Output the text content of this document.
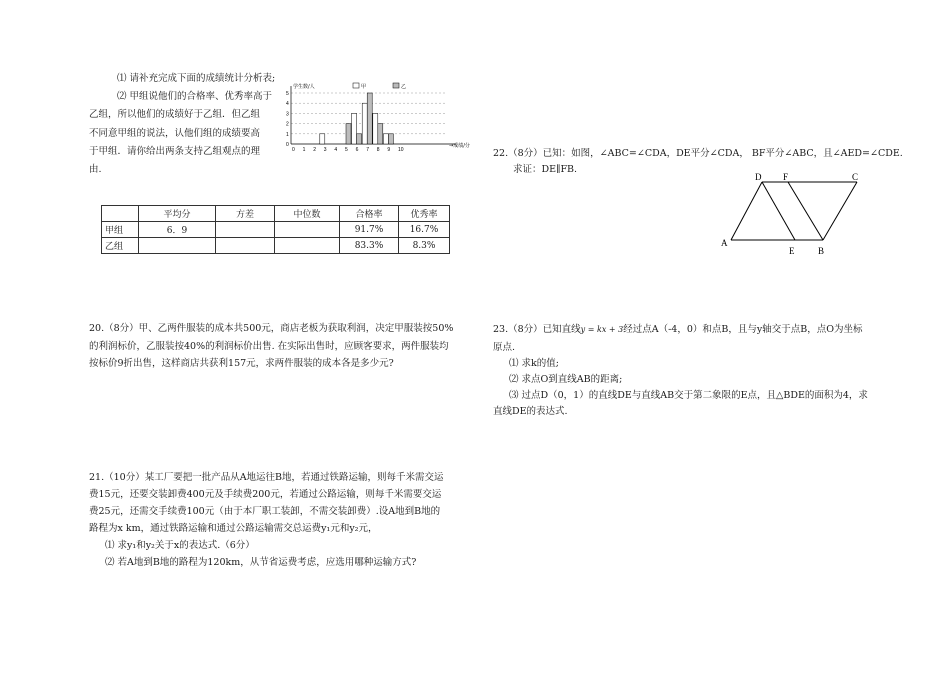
⑴ 请补充完成下面的成绩统计分析表;
⑵ 甲组说他们的合格率、优秀率高于
乙组，所以他们的成绩好于乙组．但乙组
不同意甲组的说法，认他们组的成绩要高
于甲组．请你给出两条支持乙组观点的理
由.
0
1
2
3
4
5
0 1 2 3 4 5 6 7 8 9 10
学生数/人
→成绩/分
甲	乙
	平均分	方差	中位数	合格率	优秀率
甲组	6．9			91.7%	16.7%
乙组				83.3%	8.3%
20.（8分）甲、乙两件服装的成本共500元，商店老板为获取利润，决定甲服装按50%
的利润标价，乙服装按40%的利润标价出售. 在实际出售时，应顾客要求，两件服装均
按标价9折出售，这样商店共获利157元，求两件服装的成本各是多少元?
21.（10分）某工厂要把一批产品从A地运往B地，若通过铁路运输，则每千米需交运
费15元，还要交装卸费400元及手续费200元，若通过公路运输，则每千米需要交运
费25元，还需交手续费100元（由于本厂职工装卸，不需交装卸费）.设A地到B地的
路程为x km，通过铁路运输和通过公路运输需交总运费y₁元和y₂元，
⑴ 求y₁和y₂关于x的表达式.（6分）
⑵ 若A地到B地的路程为120km，从节省运费考虑，应选用哪种运输方式?
22.（8分）已知：如图，∠ABC=∠CDA，DE平分∠CDA， BF平分∠ABC，且∠AED=∠CDE.
求证：DE∥FB.
D F	C
A
E	B
23.（8分）已知直线y = kx + 3经过点A（-4，0）和点B，且与y轴交于点B，点O为坐标
原点.
⑴ 求k的值;
⑵ 求点O到直线AB的距离;
⑶ 过点D（0，1）的直线DE与直线AB交于第二象限的E点，且△BDE的面积为4，求
直线DE的表达式.
